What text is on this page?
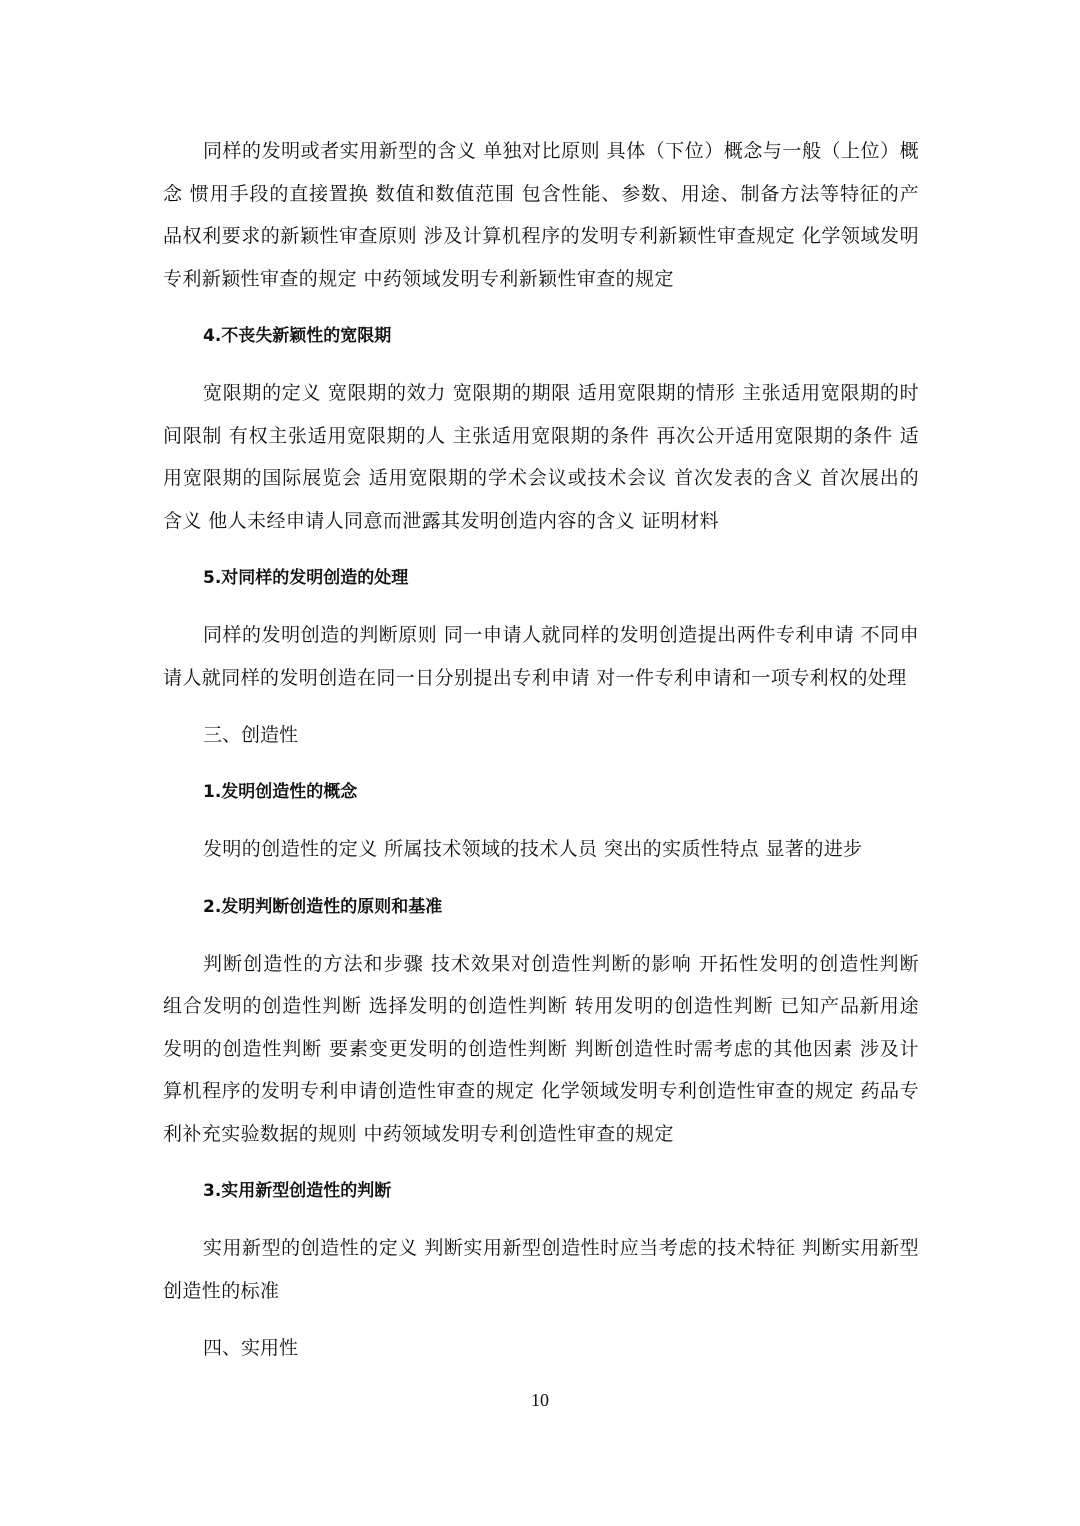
同样的发明或者实用新型的含义 单独对比原则 具体（下位）概念与一般（上位）概念 惯用手段的直接置换 数值和数值范围 包含性能、参数、用途、制备方法等特征的产品权利要求的新颖性审查原则 涉及计算机程序的发明专利新颖性审查规定 化学领域发明专利新颖性审查的规定 中药领域发明专利新颖性审查的规定

4.不丧失新颖性的宽限期

宽限期的定义 宽限期的效力 宽限期的期限 适用宽限期的情形 主张适用宽限期的时间限制 有权主张适用宽限期的人 主张适用宽限期的条件 再次公开适用宽限期的条件 适用宽限期的国际展览会 适用宽限期的学术会议或技术会议 首次发表的含义 首次展出的含义 他人未经申请人同意而泄露其发明创造内容的含义 证明材料

5.对同样的发明创造的处理

同样的发明创造的判断原则 同一申请人就同样的发明创造提出两件专利申请 不同申请人就同样的发明创造在同一日分别提出专利申请 对一件专利申请和一项专利权的处理

三、创造性

1.发明创造性的概念

发明的创造性的定义 所属技术领域的技术人员 突出的实质性特点 显著的进步

2.发明判断创造性的原则和基准

判断创造性的方法和步骤 技术效果对创造性判断的影响 开拓性发明的创造性判断 组合发明的创造性判断 选择发明的创造性判断 转用发明的创造性判断 已知产品新用途发明的创造性判断 要素变更发明的创造性判断 判断创造性时需考虑的其他因素 涉及计算机程序的发明专利申请创造性审查的规定 化学领域发明专利创造性审查的规定 药品专利补充实验数据的规则 中药领域发明专利创造性审查的规定

3.实用新型创造性的判断

实用新型的创造性的定义 判断实用新型创造性时应当考虑的技术特征 判断实用新型创造性的标准

四、实用性

10
